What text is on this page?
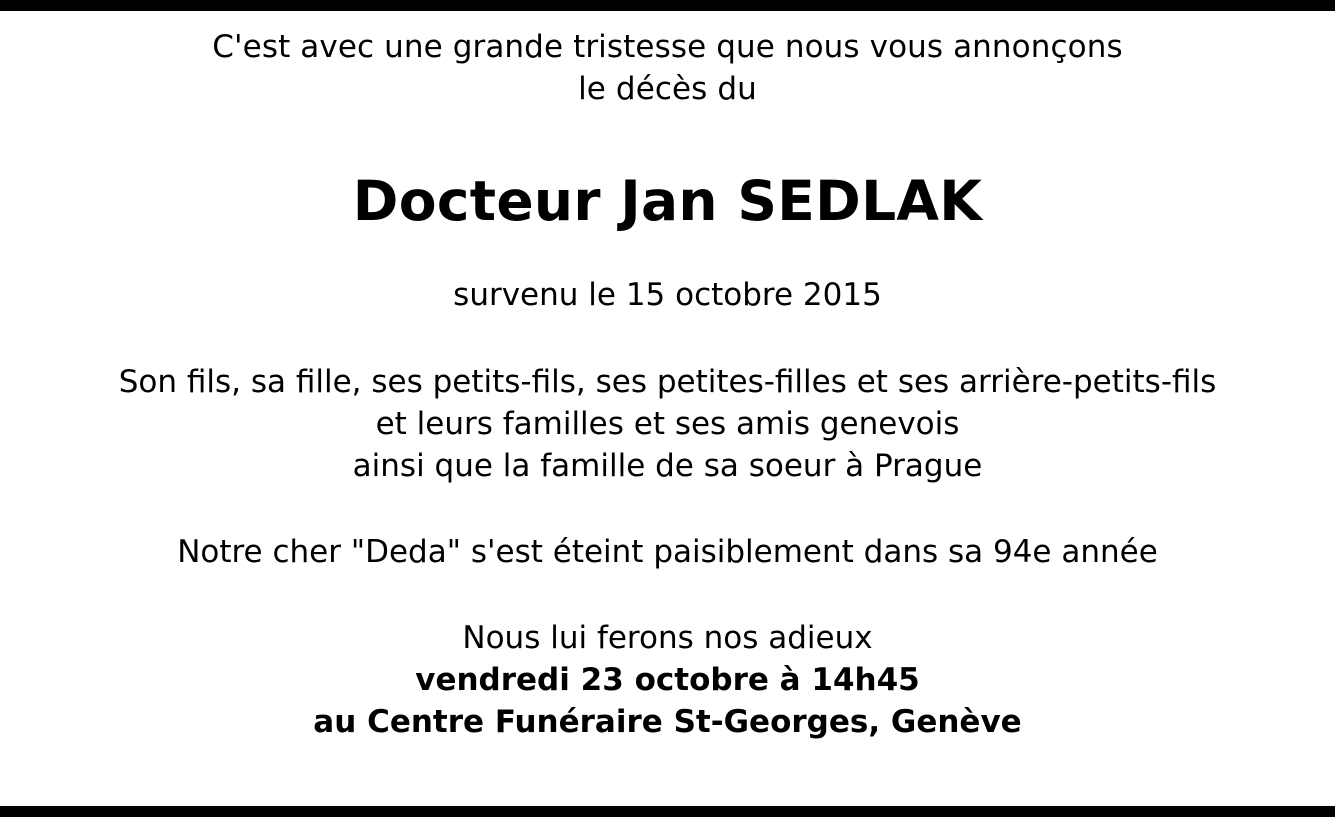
C'est avec une grande tristesse que nous vous annonçons
le décès du
Docteur Jan SEDLAK
survenu le 15 octobre 2015
Son fils, sa fille, ses petits-fils, ses petites-filles et ses arrière-petits-fils
et leurs familles et ses amis genevois
ainsi que la famille de sa soeur à Prague
Notre cher "Deda" s'est éteint paisiblement dans sa 94e année
Nous lui ferons nos adieux
vendredi 23 octobre à 14h45
au Centre Funéraire St-Georges, Genève
